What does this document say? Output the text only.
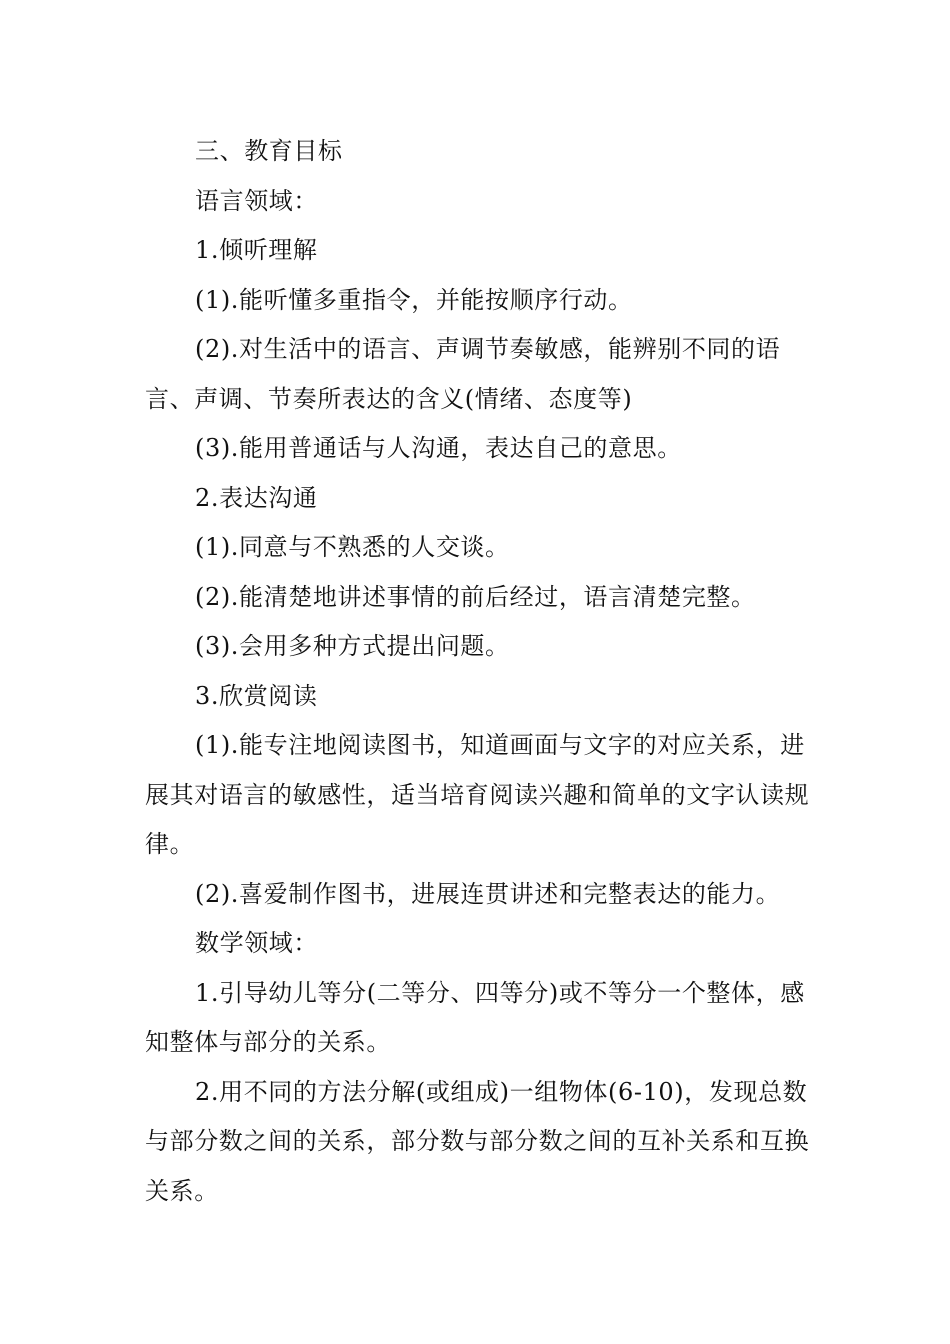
三、教育目标

语言领域：

1.倾听理解

(1).能听懂多重指令，并能按顺序行动。

(2).对生活中的语言、声调节奏敏感，能辨别不同的语言、声调、节奏所表达的含义(情绪、态度等)

(3).能用普通话与人沟通，表达自己的意思。

2.表达沟通

(1).同意与不熟悉的人交谈。

(2).能清楚地讲述事情的前后经过，语言清楚完整。

(3).会用多种方式提出问题。

3.欣赏阅读

(1).能专注地阅读图书，知道画面与文字的对应关系，进展其对语言的敏感性，适当培育阅读兴趣和简单的文字认读规律。

(2).喜爱制作图书，进展连贯讲述和完整表达的能力。

数学领域：

1.引导幼儿等分(二等分、四等分)或不等分一个整体，感知整体与部分的关系。

2.用不同的方法分解(或组成)一组物体(6-10)，发现总数与部分数之间的关系，部分数与部分数之间的互补关系和互换关系。
